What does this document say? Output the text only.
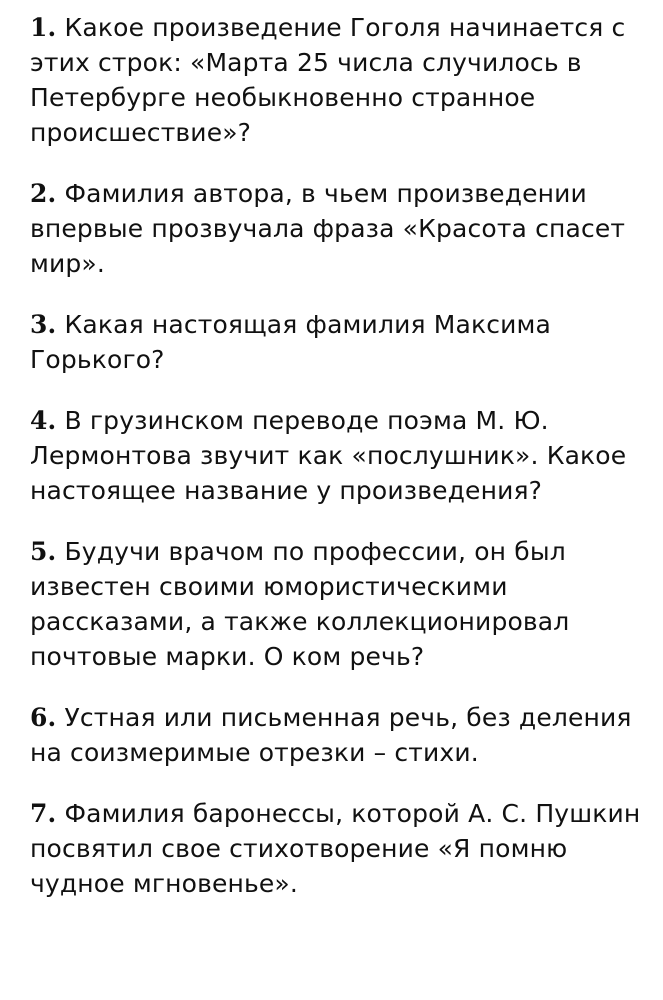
1. Какое произведение Гоголя начинается с этих строк: «Марта 25 числа случилось в Петербурге необыкновенно странное происшествие»?

2. Фамилия автора, в чьем произведении впервые прозвучала фраза «Красота спасет мир».

3. Какая настоящая фамилия Максима Горького?

4. В грузинском переводе поэма М. Ю. Лермонтова звучит как «послушник». Какое настоящее название у произведения?

5. Будучи врачом по профессии, он был известен своими юмористическими рассказами, а также коллекционировал почтовые марки. О ком речь?

6. Устная или письменная речь, без деления на соизмеримые отрезки – стихи.

7. Фамилия баронессы, которой А. С. Пушкин посвятил свое стихотворение «Я помню чудное мгновенье».
